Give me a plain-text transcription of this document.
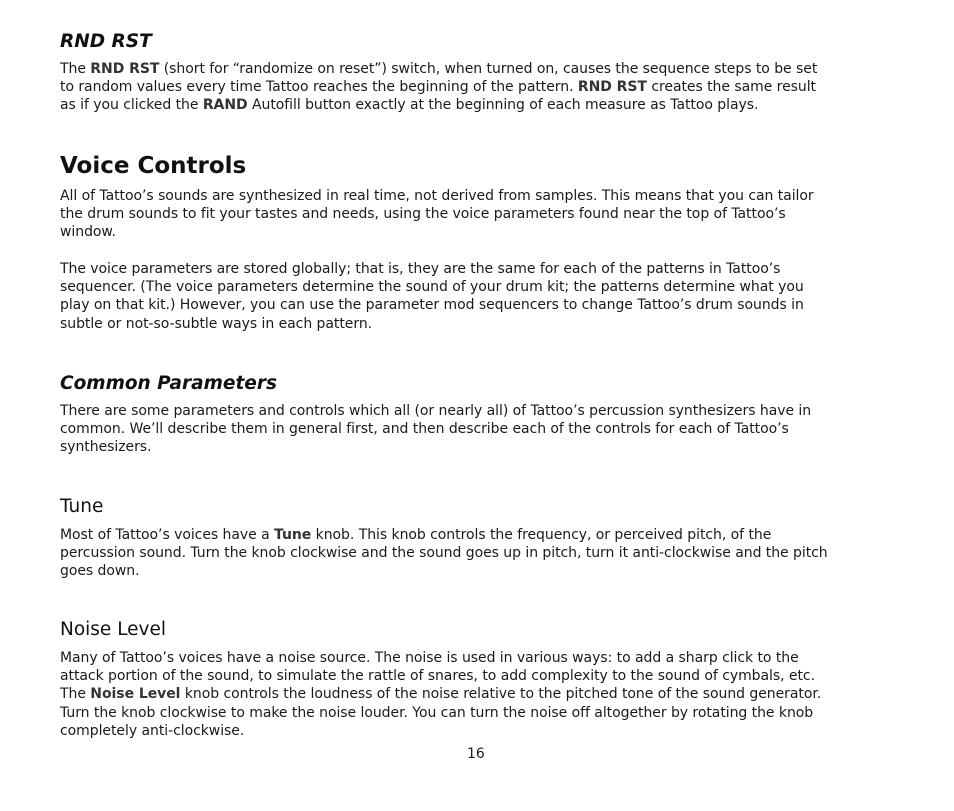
RND RST
The RND RST (short for “randomize on reset”) switch, when turned on, causes the sequence steps to be set
to random values every time Tattoo reaches the beginning of the pattern. RND RST creates the same result
as if you clicked the RAND Autofill button exactly at the beginning of each measure as Tattoo plays.
Voice Controls
All of Tattoo’s sounds are synthesized in real time, not derived from samples. This means that you can tailor
the drum sounds to fit your tastes and needs, using the voice parameters found near the top of Tattoo’s
window.
The voice parameters are stored globally; that is, they are the same for each of the patterns in Tattoo’s
sequencer. (The voice parameters determine the sound of your drum kit; the patterns determine what you
play on that kit.) However, you can use the parameter mod sequencers to change Tattoo’s drum sounds in
subtle or not-so-subtle ways in each pattern.
Common Parameters
There are some parameters and controls which all (or nearly all) of Tattoo’s percussion synthesizers have in
common. We’ll describe them in general first, and then describe each of the controls for each of Tattoo’s
synthesizers.
Tune
Most of Tattoo’s voices have a Tune knob. This knob controls the frequency, or perceived pitch, of the
percussion sound. Turn the knob clockwise and the sound goes up in pitch, turn it anti-clockwise and the pitch
goes down.
Noise Level
Many of Tattoo’s voices have a noise source. The noise is used in various ways: to add a sharp click to the
attack portion of the sound, to simulate the rattle of snares, to add complexity to the sound of cymbals, etc.
The Noise Level knob controls the loudness of the noise relative to the pitched tone of the sound generator.
Turn the knob clockwise to make the noise louder. You can turn the noise off altogether by rotating the knob
completely anti-clockwise.
16
